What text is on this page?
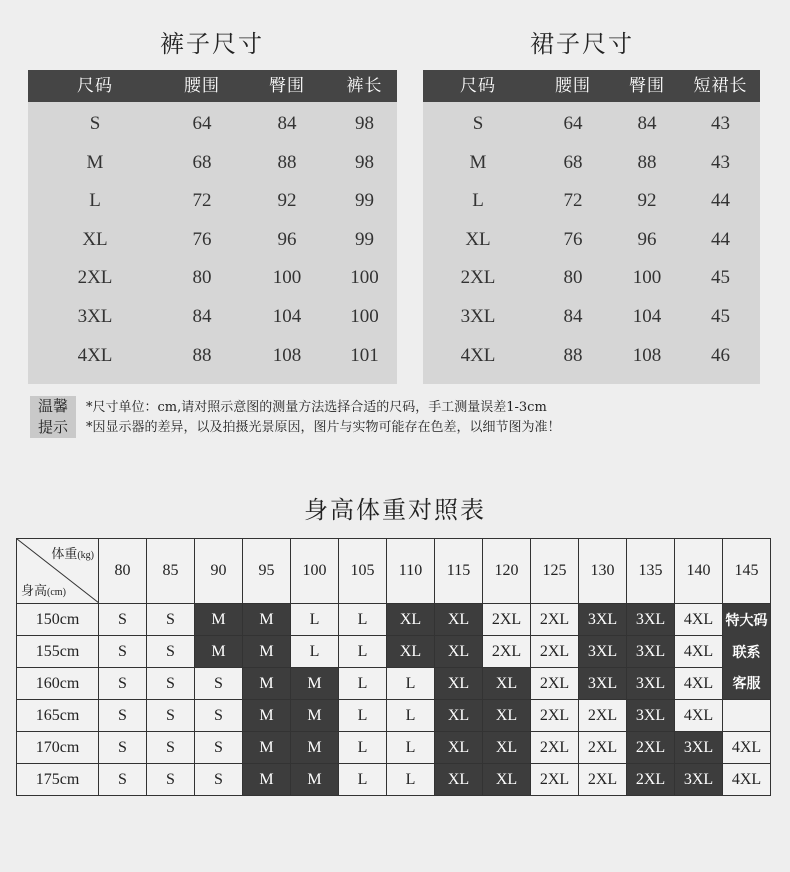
裤子尺寸	裙子尺寸
尺码	腰围	臀围	裤长
S	64	84	98
M	68	88	98
L	72	92	99
XL	76	96	99
2XL	80	100	100
3XL	84	104	100
4XL	88	108	101
尺码	腰围	臀围	短裙长
S	64	84	43
M	68	88	43
L	72	92	44
XL	76	96	44
2XL	80	100	45
3XL	84	104	45
4XL	88	108	46
温馨
提示
*尺寸单位：cm,请对照示意图的测量方法选择合适的尺码，手工测量误差1-3cm
*因显示器的差异，以及拍摄光景原因，图片与实物可能存在色差，以细节图为准！
身高体重对照表
体重(kg)
身高(cm)	80	85	90	95	100	105	110	115	120	125	130	135	140	145
150cm	S	S	M	M	L	L	XL	XL	2XL	2XL	3XL	3XL	4XL	特大码
155cm	S	S	M	M	L	L	XL	XL	2XL	2XL	3XL	3XL	4XL	联系
160cm	S	S	S	M	M	L	L	XL	XL	2XL	3XL	3XL	4XL	客服
165cm	S	S	S	M	M	L	L	XL	XL	2XL	2XL	3XL	4XL	
170cm	S	S	S	M	M	L	L	XL	XL	2XL	2XL	2XL	3XL	4XL
175cm	S	S	S	M	M	L	L	XL	XL	2XL	2XL	2XL	3XL	4XL
